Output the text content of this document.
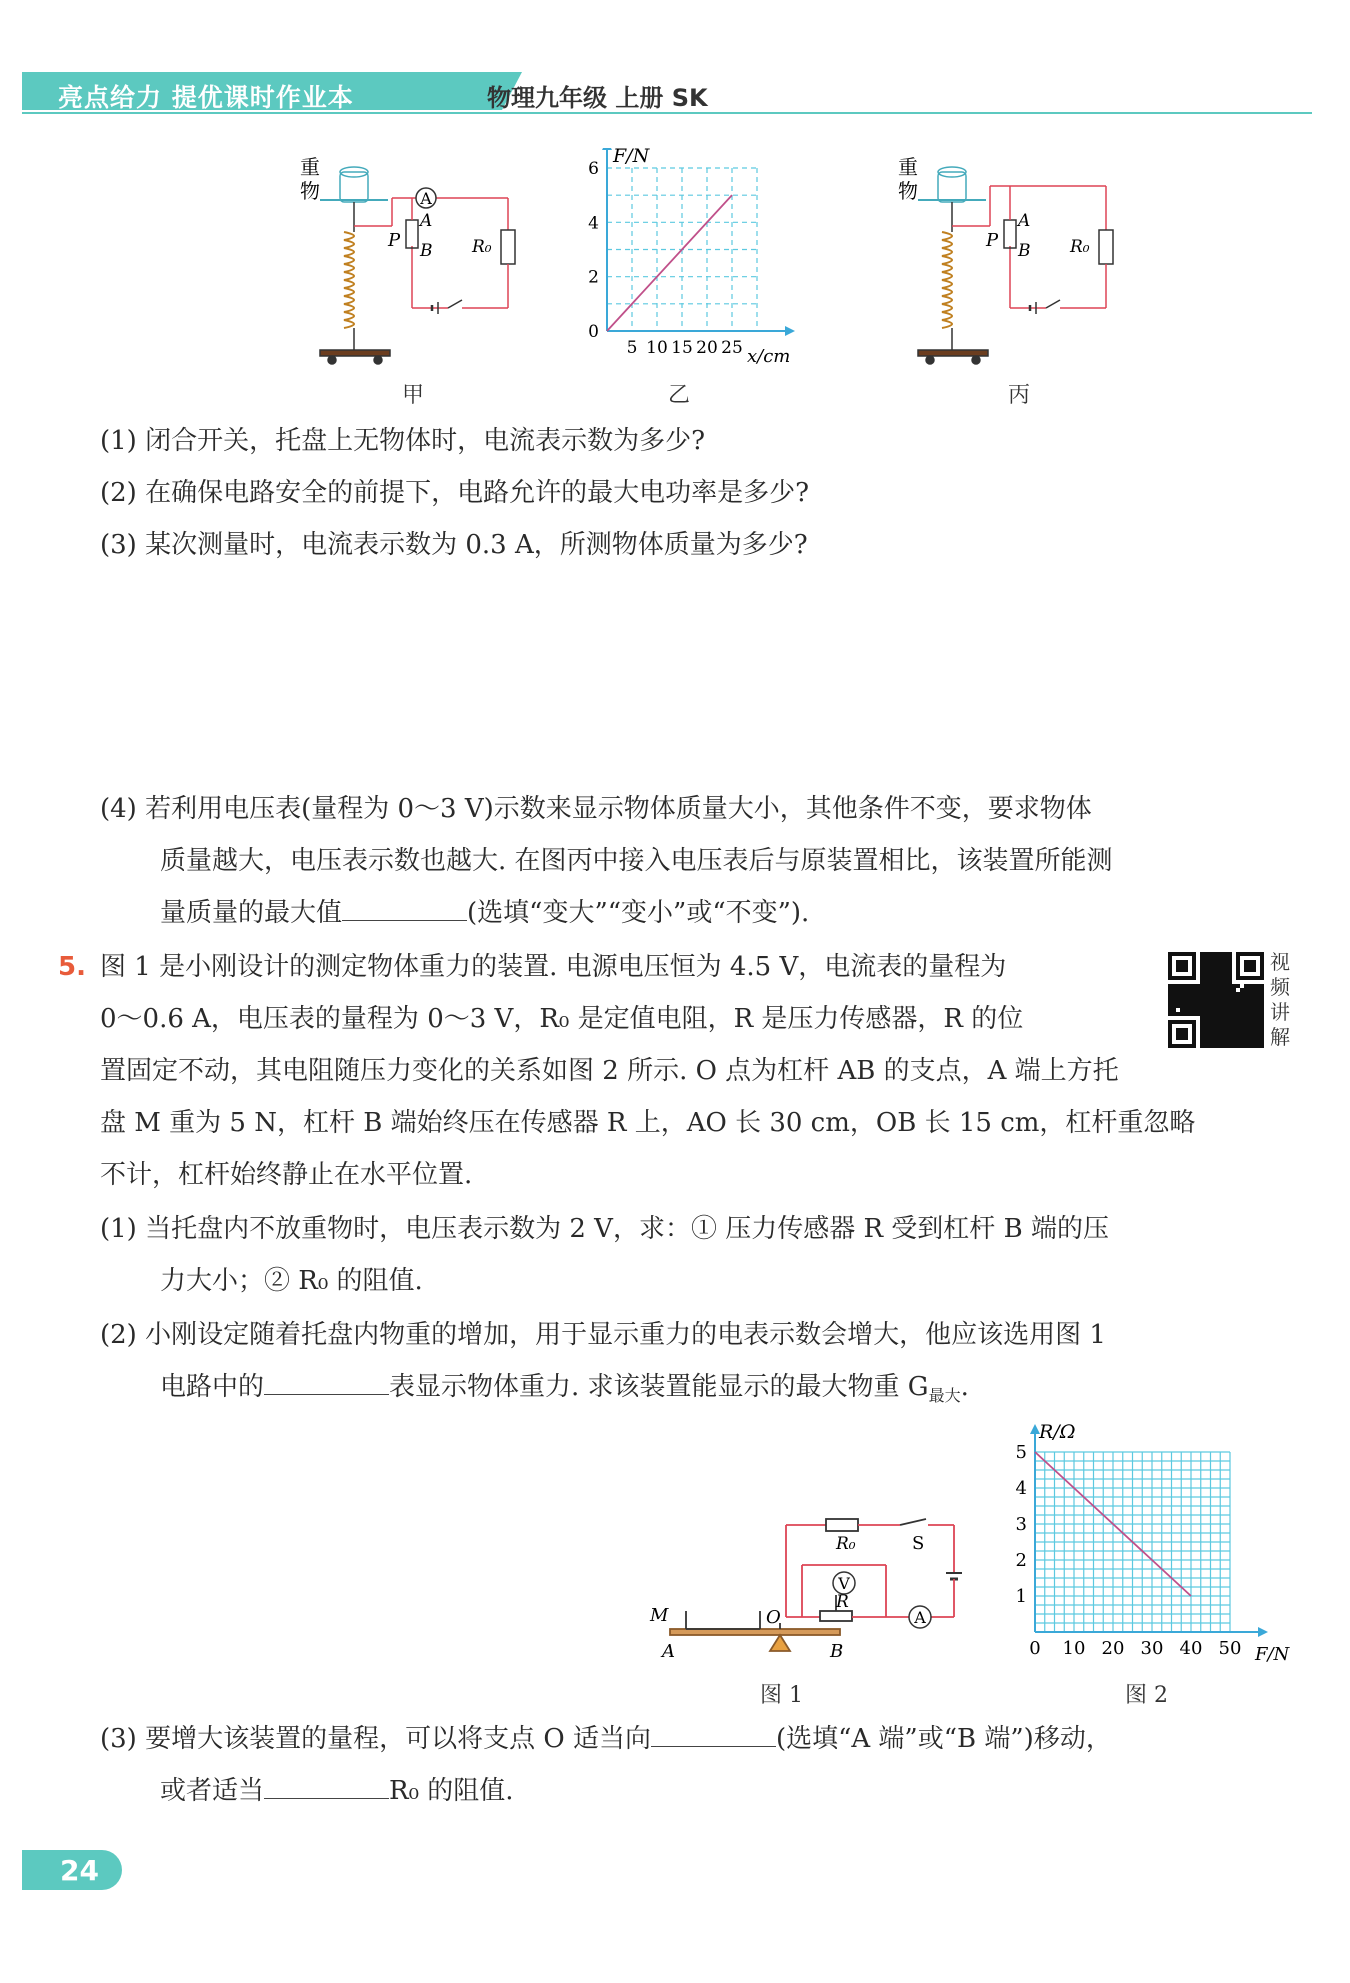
亮点给力 提优课时作业本	物理九年级 上册 SK
A
重
物
P
A
B R₀
甲
F/N
x/cm
5 10 15 20 25
0
2
4
6
乙
重
物
P
A
B R₀
丙
(1) 闭合开关，托盘上无物体时，电流表示数为多少?
(2) 在确保电路安全的前提下，电路允许的最大电功率是多少?
(3) 某次测量时，电流表示数为 0.3 A，所测物体质量为多少?
(4) 若利用电压表(量程为 0～3 V)示数来显示物体质量大小，其他条件不变，要求物体
质量越大，电压表示数也越大. 在图丙中接入电压表后与原装置相比，该装置所能测
量质量的最大值	(选填“变大”“变小”或“不变”).
5. 图 1 是小刚设计的测定物体重力的装置. 电源电压恒为 4.5 V，电流表的量程为
0～0.6 A，电压表的量程为 0～3 V，R₀ 是定值电阻，R 是压力传感器，R 的位
置固定不动，其电阻随压力变化的关系如图 2 所示. O 点为杠杆 AB 的支点，A 端上方托
盘 M 重为 5 N，杠杆 B 端始终压在传感器 R 上，AO 长 30 cm，OB 长 15 cm，杠杆重忽略
不计，杠杆始终静止在水平位置.
视
频
讲
解
(1) 当托盘内不放重物时，电压表示数为 2 V，求：① 压力传感器 R 受到杠杆 B 端的压
力大小；② R₀ 的阻值.
(2) 小刚设定随着托盘内物重的增加，用于显示重力的电表示数会增大，他应该选用图 1
电路中的	表显示物体重力. 求该装置能显示的最大物重 $G_{最大}$.
V
A
M
A
O
B
R₀
R
S
图 1
R/Ω
F/N
0 10 20 30 40 50
1
2
3
4
5
图 2
(3) 要增大该装置的量程，可以将支点 O 适当向	(选填“A 端”或“B 端”)移动，
或者适当	R₀ 的阻值.
24
